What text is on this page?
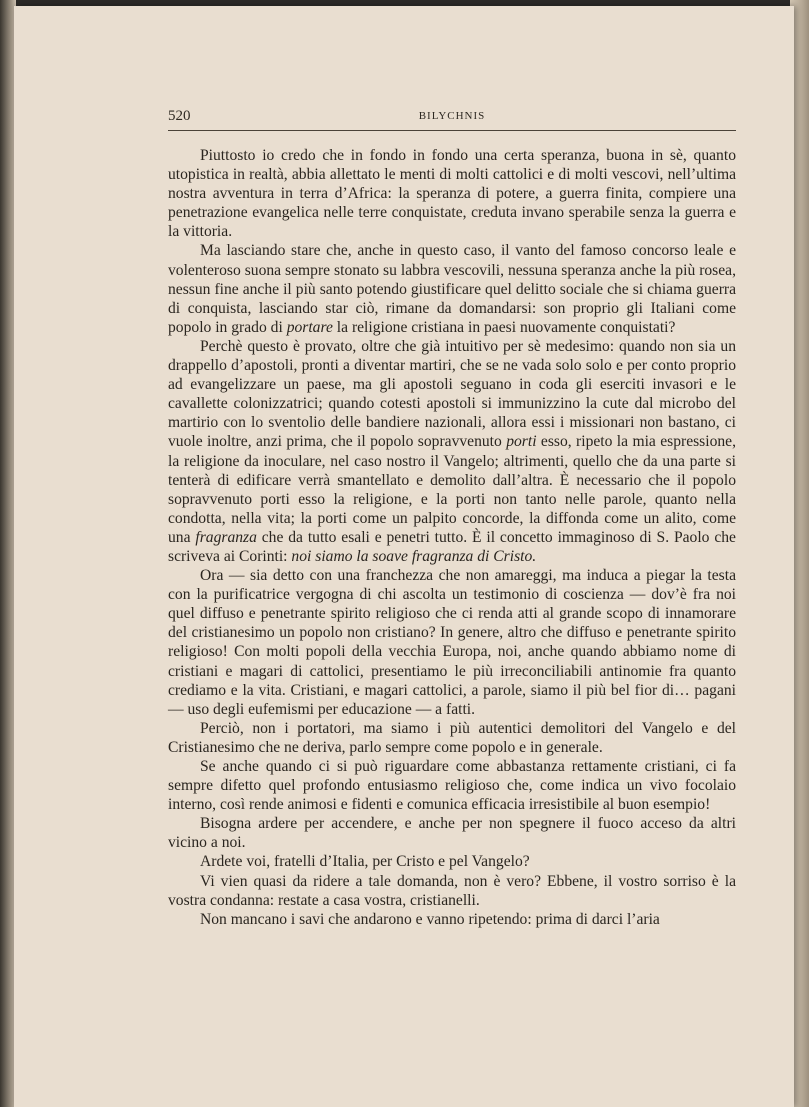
520	BILYCHNIS

Piuttosto io credo che in fondo in fondo una certa speranza, buona in sè, quanto utopistica in realtà, abbia allettato le menti di molti cattolici e di molti vescovi, nell’ultima nostra avventura in terra d’Africa: la speranza di potere, a guerra finita, compiere una penetrazione evangelica nelle terre conquistate, creduta invano sperabile senza la guerra e la vittoria.

Ma lasciando stare che, anche in questo caso, il vanto del famoso concorso leale e volenteroso suona sempre stonato su labbra vescovili, nessuna speranza anche la più rosea, nessun fine anche il più santo potendo giustificare quel delitto sociale che si chiama guerra di conquista, lasciando star ciò, rimane da domandarsi: son proprio gli Italiani come popolo in grado di portare la religione cristiana in paesi nuovamente conquistati?

Perchè questo è provato, oltre che già intuitivo per sè medesimo: quando non sia un drappello d’apostoli, pronti a diventar martiri, che se ne vada solo solo e per conto proprio ad evangelizzare un paese, ma gli apostoli seguano in coda gli eserciti invasori e le cavallette colonizzatrici; quando cotesti apostoli si immunizzino la cute dal microbo del martirio con lo sventolio delle bandiere nazionali, allora essi i missionari non bastano, ci vuole inoltre, anzi prima, che il popolo sopravvenuto porti esso, ripeto la mia espressione, la religione da inoculare, nel caso nostro il Vangelo; altrimenti, quello che da una parte si tenterà di edificare verrà smantellato e demolito dall’altra. È necessario che il popolo sopravvenuto porti esso la religione, e la porti non tanto nelle parole, quanto nella condotta, nella vita; la porti come un palpito concorde, la diffonda come un alito, come una fragranza che da tutto esali e penetri tutto. È il concetto immaginoso di S. Paolo che scriveva ai Corinti: noi siamo la soave fragranza di Cristo.

Ora — sia detto con una franchezza che non amareggi, ma induca a piegar la testa con la purificatrice vergogna di chi ascolta un testimonio di coscienza — dov’è fra noi quel diffuso e penetrante spirito religioso che ci renda atti al grande scopo di innamorare del cristianesimo un popolo non cristiano? In genere, altro che diffuso e penetrante spirito religioso! Con molti popoli della vecchia Europa, noi, anche quando abbiamo nome di cristiani e magari di cattolici, presentiamo le più irreconciliabili antinomie fra quanto crediamo e la vita. Cristiani, e magari cattolici, a parole, siamo il più bel fior di… pagani — uso degli eufemismi per educazione — a fatti.

Perciò, non i portatori, ma siamo i più autentici demolitori del Vangelo e del Cristianesimo che ne deriva, parlo sempre come popolo e in generale.

Se anche quando ci si può riguardare come abbastanza rettamente cristiani, ci fa sempre difetto quel profondo entusiasmo religioso che, come indica un vivo focolaio interno, così rende animosi e fidenti e comunica efficacia irresistibile al buon esempio!

Bisogna ardere per accendere, e anche per non spegnere il fuoco acceso da altri vicino a noi.

Ardete voi, fratelli d’Italia, per Cristo e pel Vangelo?

Vi vien quasi da ridere a tale domanda, non è vero? Ebbene, il vostro sorriso è la vostra condanna: restate a casa vostra, cristianelli.

Non mancano i savi che andarono e vanno ripetendo: prima di darci l’aria
